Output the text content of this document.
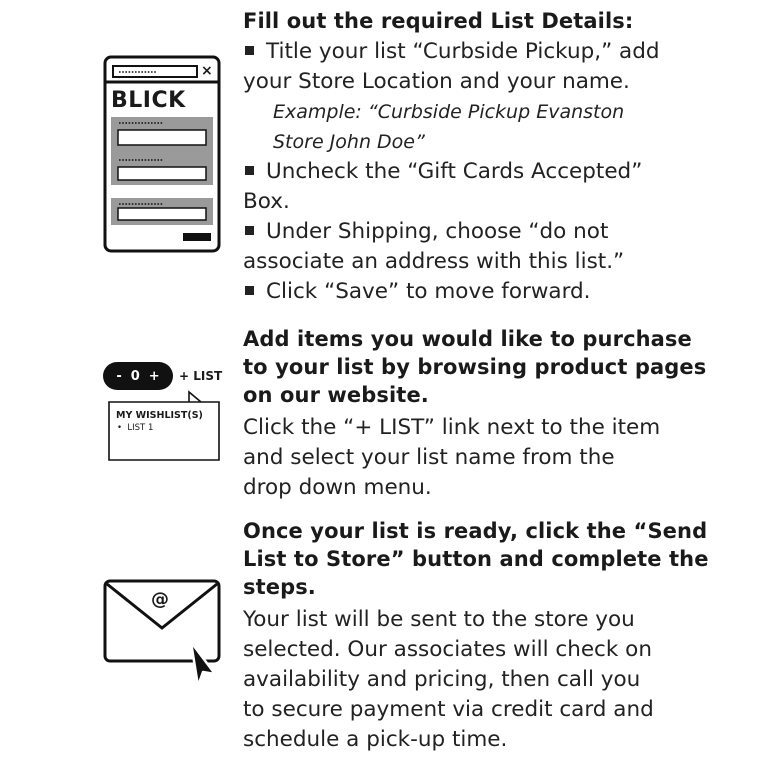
×
BLICK

Fill out the required List Details:

Title your list “Curbside Pickup,” add

your Store Location and your name.

Example: “Curbside Pickup Evanston

Store John Doe”

Uncheck the “Gift Cards Accepted”

Box.

Under Shipping, choose “do not

associate an address with this list.”

Click “Save” to move forward.

- 0 + + LIST
MY WISHLIST(S)
•  LIST 1

Add items you would like to purchase

to your list by browsing product pages

on our website.

Click the “+ LIST” link next to the item

and select your list name from the

drop down menu.

@

Once your list is ready, click the “Send

List to Store” button and complete the

steps.

Your list will be sent to the store you

selected. Our associates will check on

availability and pricing, then call you

to secure payment via credit card and

schedule a pick-up time.
